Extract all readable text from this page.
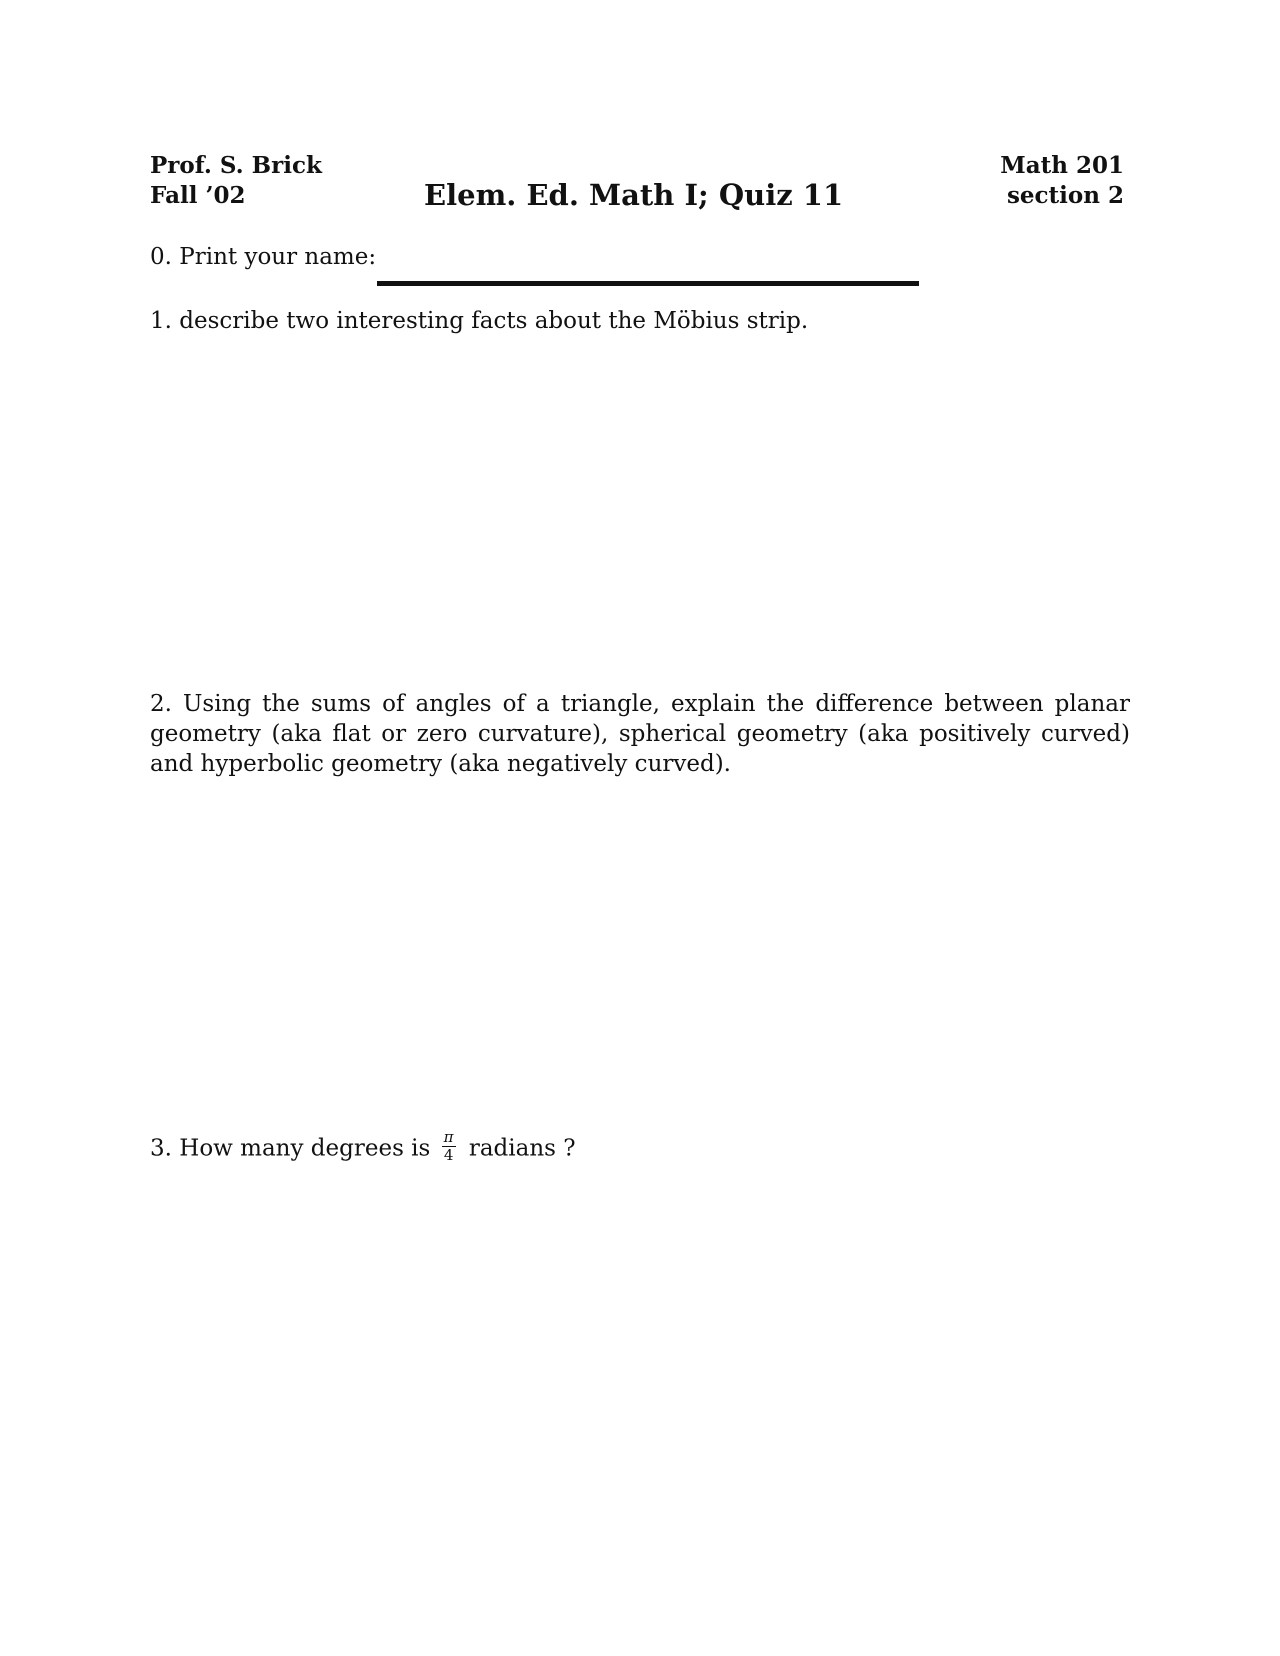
Prof. S. Brick
Fall ’02	Elem. Ed. Math I; Quiz 11
Math 201
section 2
0. Print your name:
1. describe two interesting facts about the Möbius strip.
2. Using the sums of angles of a triangle, explain the difference between planar geometry (aka flat or zero curvature), spherical geometry (aka positively curved) and hyperbolic geometry (aka negatively curved).
3. How many degrees is $\frac{\pi}{4}$ radians ?
